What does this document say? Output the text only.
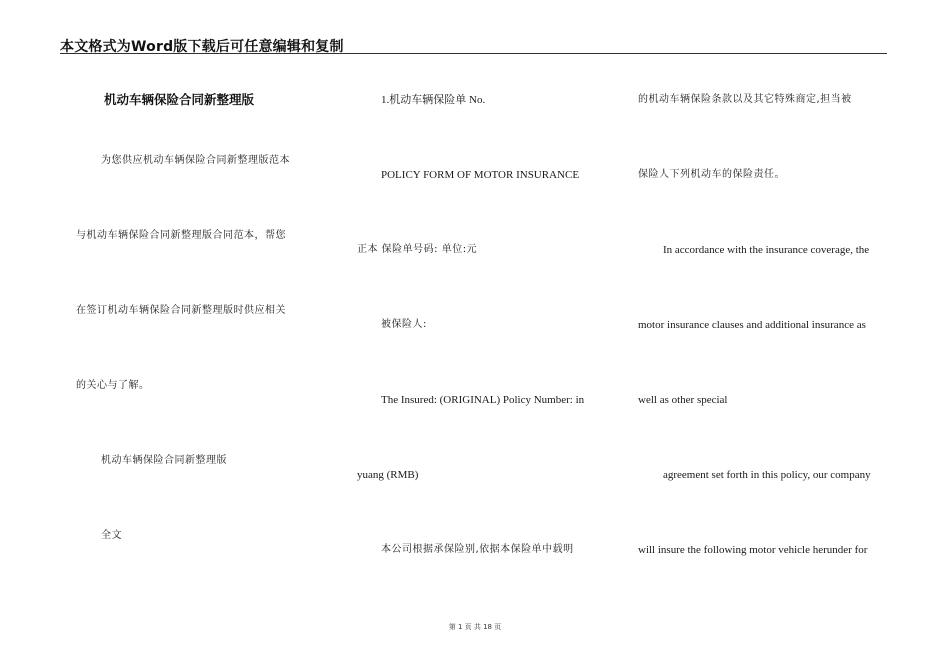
本文格式为Word版下载后可任意编辑和复制
机动车辆保险合同新整理版
为您供应机动车辆保险合同新整理版范本
与机动车辆保险合同新整理版合同范本，帮您
在签订机动车辆保险合同新整理版时供应相关
的关心与了解。
机动车辆保险合同新整理版
全文
1.机动车辆保险单 No.
POLICY FORM OF MOTOR INSURANCE
正本 保险单号码: 单位:元
被保险人:
The Insured: (ORIGINAL) Policy Number: in
yuang (RMB)
本公司根据承保险别,依据本保险单中载明
的机动车辆保险条款以及其它特殊商定,担当被
保险人下列机动车的保险责任。
In accordance with the insurance coverage, the
motor insurance clauses and additional insurance as
well as other special
agreement set forth in this policy, our company
will insure the following motor vehicle herunder for
第 1 页 共 18 页
